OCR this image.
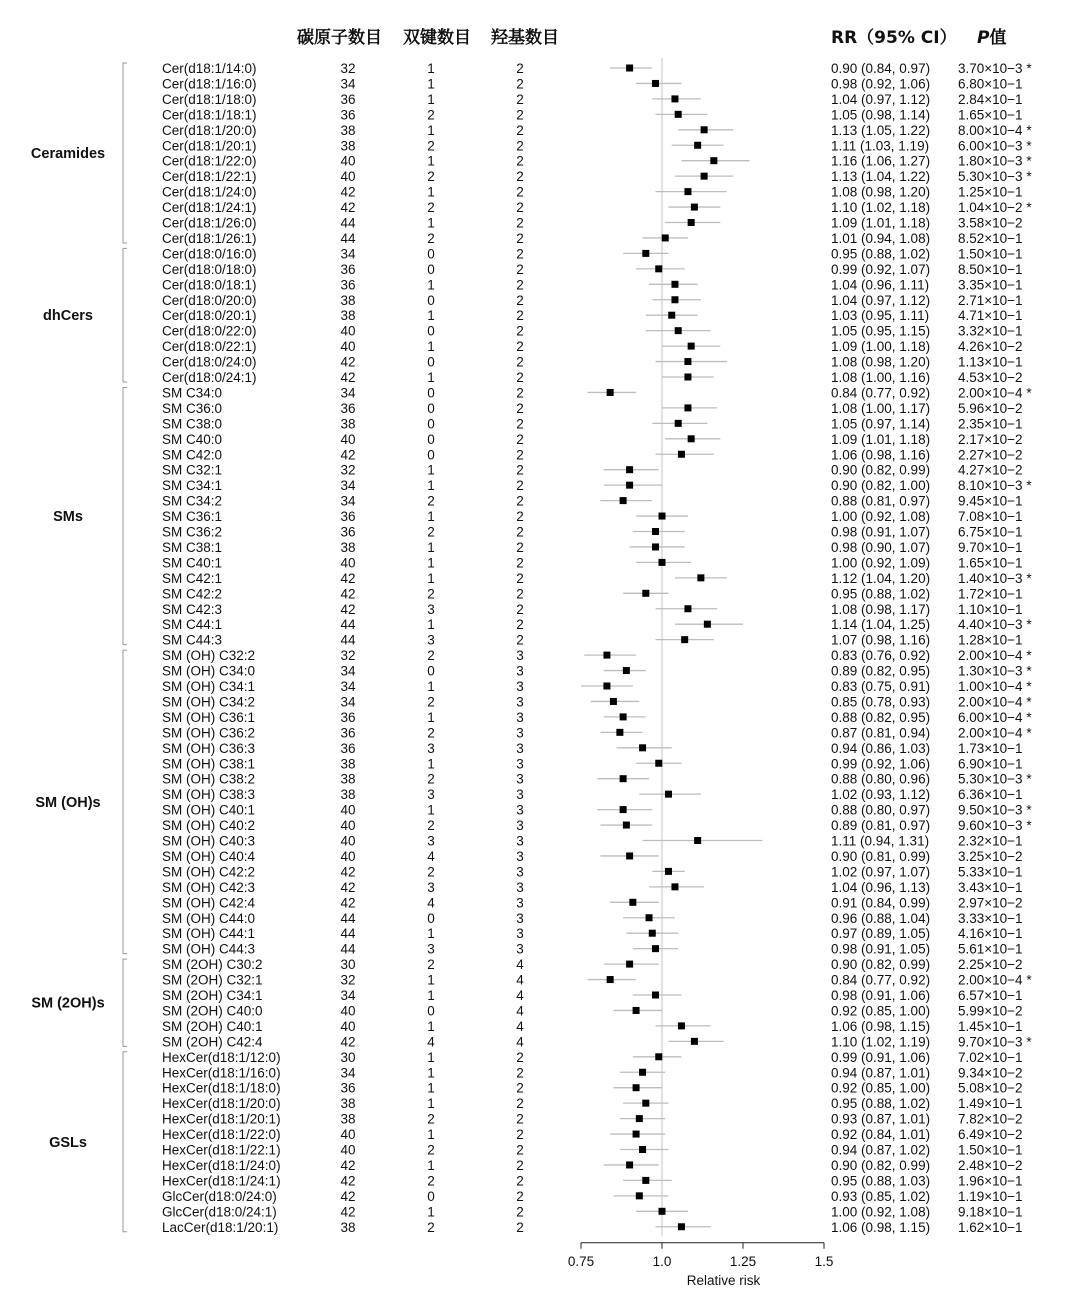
碳原子数目 双键数目 羟基数目	RR（95% CI） P值
Ceramides
dhCers
SMs
SM (OH)s
SM (2OH)s
GSLs
Cer(d18:1/14:0)	32	1	2	0.90 (0.84, 0.97) 3.70×10−3 *
Cer(d18:1/16:0)	34	1	2	0.98 (0.92, 1.06) 6.80×10−1
Cer(d18:1/18:0)	36	1	2	1.04 (0.97, 1.12) 2.84×10−1
Cer(d18:1/18:1)	36	2	2	1.05 (0.98, 1.14) 1.65×10−1
Cer(d18:1/20:0)	38	1	2	1.13 (1.05, 1.22) 8.00×10−4 *
Cer(d18:1/20:1)	38	2	2	1.11 (1.03, 1.19) 6.00×10−3 *
Cer(d18:1/22:0)	40	1	2	1.16 (1.06, 1.27) 1.80×10−3 *
Cer(d18:1/22:1)	40	2	2	1.13 (1.04, 1.22) 5.30×10−3 *
Cer(d18:1/24:0)	42	1	2	1.08 (0.98, 1.20) 1.25×10−1
Cer(d18:1/24:1)	42	2	2	1.10 (1.02, 1.18) 1.04×10−2 *
Cer(d18:1/26:0)	44	1	2	1.09 (1.01, 1.18) 3.58×10−2
Cer(d18:1/26:1)	44	2	2	1.01 (0.94, 1.08) 8.52×10−1
Cer(d18:0/16:0)	34	0	2	0.95 (0.88, 1.02) 1.50×10−1
Cer(d18:0/18:0)	36	0	2	0.99 (0.92, 1.07) 8.50×10−1
Cer(d18:0/18:1)	36	1	2	1.04 (0.96, 1.11) 3.35×10−1
Cer(d18:0/20:0)	38	0	2	1.04 (0.97, 1.12) 2.71×10−1
Cer(d18:0/20:1)	38	1	2	1.03 (0.95, 1.11) 4.71×10−1
Cer(d18:0/22:0)	40	0	2	1.05 (0.95, 1.15) 3.32×10−1
Cer(d18:0/22:1)	40	1	2	1.09 (1.00, 1.18) 4.26×10−2
Cer(d18:0/24:0)	42	0	2	1.08 (0.98, 1.20) 1.13×10−1
Cer(d18:0/24:1)	42	1	2	1.08 (1.00, 1.16) 4.53×10−2
SM C34:0	34	0	2	0.84 (0.77, 0.92) 2.00×10−4 *
SM C36:0	36	0	2	1.08 (1.00, 1.17) 5.96×10−2
SM C38:0	38	0	2	1.05 (0.97, 1.14) 2.35×10−1
SM C40:0	40	0	2	1.09 (1.01, 1.18) 2.17×10−2
SM C42:0	42	0	2	1.06 (0.98, 1.16) 2.27×10−2
SM C32:1	32	1	2	0.90 (0.82, 0.99) 4.27×10−2
SM C34:1	34	1	2	0.90 (0.82, 1.00) 8.10×10−3 *
SM C34:2	34	2	2	0.88 (0.81, 0.97) 9.45×10−1
SM C36:1	36	1	2	1.00 (0.92, 1.08) 7.08×10−1
SM C36:2	36	2	2	0.98 (0.91, 1.07) 6.75×10−1
SM C38:1	38	1	2	0.98 (0.90, 1.07) 9.70×10−1
SM C40:1	40	1	2	1.00 (0.92, 1.09) 1.65×10−1
SM C42:1	42	1	2	1.12 (1.04, 1.20) 1.40×10−3 *
SM C42:2	42	2	2	0.95 (0.88, 1.02) 1.72×10−1
SM C42:3	42	3	2	1.08 (0.98, 1.17) 1.10×10−1
SM C44:1	44	1	2	1.14 (1.04, 1.25) 4.40×10−3 *
SM C44:3	44	3	2	1.07 (0.98, 1.16) 1.28×10−1
SM (OH) C32:2	32	2	3	0.83 (0.76, 0.92) 2.00×10−4 *
SM (OH) C34:0	34	0	3	0.89 (0.82, 0.95) 1.30×10−3 *
SM (OH) C34:1	34	1	3	0.83 (0.75, 0.91) 1.00×10−4 *
SM (OH) C34:2	34	2	3	0.85 (0.78, 0.93) 2.00×10−4 *
SM (OH) C36:1	36	1	3	0.88 (0.82, 0.95) 6.00×10−4 *
SM (OH) C36:2	36	2	3	0.87 (0.81, 0.94) 2.00×10−4 *
SM (OH) C36:3	36	3	3	0.94 (0.86, 1.03) 1.73×10−1
SM (OH) C38:1	38	1	3	0.99 (0.92, 1.06) 6.90×10−1
SM (OH) C38:2	38	2	3	0.88 (0.80, 0.96) 5.30×10−3 *
SM (OH) C38:3	38	3	3	1.02 (0.93, 1.12) 6.36×10−1
SM (OH) C40:1	40	1	3	0.88 (0.80, 0.97) 9.50×10−3 *
SM (OH) C40:2	40	2	3	0.89 (0.81, 0.97) 9.60×10−3 *
SM (OH) C40:3	40	3	3	1.11 (0.94, 1.31) 2.32×10−1
SM (OH) C40:4	40	4	3	0.90 (0.81, 0.99) 3.25×10−2
SM (OH) C42:2	42	2	3	1.02 (0.97, 1.07) 5.33×10−1
SM (OH) C42:3	42	3	3	1.04 (0.96, 1.13) 3.43×10−1
SM (OH) C42:4	42	4	3	0.91 (0.84, 0.99) 2.97×10−2
SM (OH) C44:0	44	0	3	0.96 (0.88, 1.04) 3.33×10−1
SM (OH) C44:1	44	1	3	0.97 (0.89, 1.05) 4.16×10−1
SM (OH) C44:3	44	3	3	0.98 (0.91, 1.05) 5.61×10−1
SM (2OH) C30:2	30	2	4	0.90 (0.82, 0.99) 2.25×10−2
SM (2OH) C32:1	32	1	4	0.84 (0.77, 0.92) 2.00×10−4 *
SM (2OH) C34:1	34	1	4	0.98 (0.91, 1.06) 6.57×10−1
SM (2OH) C40:0	40	0	4	0.92 (0.85, 1.00) 5.99×10−2
SM (2OH) C40:1	40	1	4	1.06 (0.98, 1.15) 1.45×10−1
SM (2OH) C42:4	42	4	4	1.10 (1.02, 1.19) 9.70×10−3 *
HexCer(d18:1/12:0)	30	1	2	0.99 (0.91, 1.06) 7.02×10−1
HexCer(d18:1/16:0)	34	1	2	0.94 (0.87, 1.01) 9.34×10−2
HexCer(d18:1/18:0)	36	1	2	0.92 (0.85, 1.00) 5.08×10−2
HexCer(d18:1/20:0)	38	1	2	0.95 (0.88, 1.02) 1.49×10−1
HexCer(d18:1/20:1)	38	2	2	0.93 (0.87, 1.01) 7.82×10−2
HexCer(d18:1/22:0)	40	1	2	0.92 (0.84, 1.01) 6.49×10−2
HexCer(d18:1/22:1)	40	2	2	0.94 (0.87, 1.02) 1.50×10−1
HexCer(d18:1/24:0)	42	1	2	0.90 (0.82, 0.99) 2.48×10−2
HexCer(d18:1/24:1)	42	2	2	0.95 (0.88, 1.03) 1.96×10−1
GlcCer(d18:0/24:0)	42	0	2	0.93 (0.85, 1.02) 1.19×10−1
GlcCer(d18:0/24:1)	42	1	2	1.00 (0.92, 1.08) 9.18×10−1
LacCer(d18:1/20:1)	38	2	2	1.06 (0.98, 1.15) 1.62×10−1
0.75	1.0	1.25	1.5
Relative risk
